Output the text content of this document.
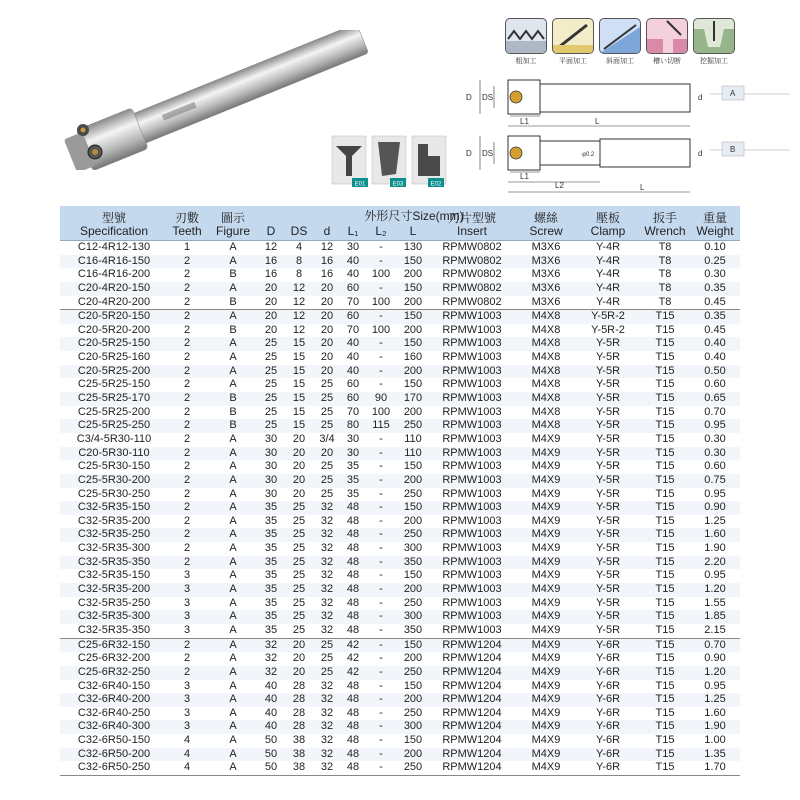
粗加工	平面加工	斜面加工	槽い切断	挖掘加工
E01	E03	E02
D DS
L1	L
d	A
D DS	φ0.2
L1
L2	L
d	B
外形尺寸Size(mm)
型號
Specification
刃數
Teeth
圖示
Figure	D	DS	d	L₁	L₂	L
刀片型號
Insert
螺絲
Screw
壓板
Clamp
扳手
Wrench
重量
Weight
C12-4R12-130	1	A	12	4	12	30	-	130	RPMW0802	M3X6	Y-4R	T8	0.10
C16-4R16-150	2	A	16	8	16	40	-	150	RPMW0802	M3X6	Y-4R	T8	0.25
C16-4R16-200	2	B	16	8	16	40	100	200	RPMW0802	M3X6	Y-4R	T8	0.30
C20-4R20-150	2	A	20	12	20	60	-	150	RPMW0802	M3X6	Y-4R	T8	0.35
C20-4R20-200	2	B	20	12	20	70	100	200	RPMW0802	M3X6	Y-4R	T8	0.45
C20-5R20-150	2	A	20	12	20	60	-	150	RPMW1003	M4X8	Y-5R-2	T15	0.35
C20-5R20-200	2	B	20	12	20	70	100	200	RPMW1003	M4X8	Y-5R-2	T15	0.45
C20-5R25-150	2	A	25	15	20	40	-	150	RPMW1003	M4X8	Y-5R	T15	0.40
C20-5R25-160	2	A	25	15	20	40	-	160	RPMW1003	M4X8	Y-5R	T15	0.40
C20-5R25-200	2	A	25	15	20	40	-	200	RPMW1003	M4X8	Y-5R	T15	0.50
C25-5R25-150	2	A	25	15	25	60	-	150	RPMW1003	M4X8	Y-5R	T15	0.60
C25-5R25-170	2	B	25	15	25	60	90	170	RPMW1003	M4X8	Y-5R	T15	0.65
C25-5R25-200	2	B	25	15	25	70	100	200	RPMW1003	M4X8	Y-5R	T15	0.70
C25-5R25-250	2	B	25	15	25	80	115	250	RPMW1003	M4X8	Y-5R	T15	0.95
C3/4-5R30-110	2	A	30	20	3/4	30	-	110	RPMW1003	M4X9	Y-5R	T15	0.30
C20-5R30-110	2	A	30	20	20	30	-	110	RPMW1003	M4X9	Y-5R	T15	0.30
C25-5R30-150	2	A	30	20	25	35	-	150	RPMW1003	M4X9	Y-5R	T15	0.60
C25-5R30-200	2	A	30	20	25	35	-	200	RPMW1003	M4X9	Y-5R	T15	0.75
C25-5R30-250	2	A	30	20	25	35	-	250	RPMW1003	M4X9	Y-5R	T15	0.95
C32-5R35-150	2	A	35	25	32	48	-	150	RPMW1003	M4X9	Y-5R	T15	0.90
C32-5R35-200	2	A	35	25	32	48	-	200	RPMW1003	M4X9	Y-5R	T15	1.25
C32-5R35-250	2	A	35	25	32	48	-	250	RPMW1003	M4X9	Y-5R	T15	1.60
C32-5R35-300	2	A	35	25	32	48	-	300	RPMW1003	M4X9	Y-5R	T15	1.90
C32-5R35-350	2	A	35	25	32	48	-	350	RPMW1003	M4X9	Y-5R	T15	2.20
C32-5R35-150	3	A	35	25	32	48	-	150	RPMW1003	M4X9	Y-5R	T15	0.95
C32-5R35-200	3	A	35	25	32	48	-	200	RPMW1003	M4X9	Y-5R	T15	1.20
C32-5R35-250	3	A	35	25	32	48	-	250	RPMW1003	M4X9	Y-5R	T15	1.55
C32-5R35-300	3	A	35	25	32	48	-	300	RPMW1003	M4X9	Y-5R	T15	1.85
C32-5R35-350	3	A	35	25	32	48	-	350	RPMW1003	M4X9	Y-5R	T15	2.15
C25-6R32-150	2	A	32	20	25	42	-	150	RPMW1204	M4X9	Y-6R	T15	0.70
C25-6R32-200	2	A	32	20	25	42	-	200	RPMW1204	M4X9	Y-6R	T15	0.90
C25-6R32-250	2	A	32	20	25	42	-	250	RPMW1204	M4X9	Y-6R	T15	1.20
C32-6R40-150	3	A	40	28	32	48	-	150	RPMW1204	M4X9	Y-6R	T15	0.95
C32-6R40-200	3	A	40	28	32	48	-	200	RPMW1204	M4X9	Y-6R	T15	1.25
C32-6R40-250	3	A	40	28	32	48	-	250	RPMW1204	M4X9	Y-6R	T15	1.60
C32-6R40-300	3	A	40	28	32	48	-	300	RPMW1204	M4X9	Y-6R	T15	1.90
C32-6R50-150	4	A	50	38	32	48	-	150	RPMW1204	M4X9	Y-6R	T15	1.00
C32-6R50-200	4	A	50	38	32	48	-	200	RPMW1204	M4X9	Y-6R	T15	1.35
C32-6R50-250	4	A	50	38	32	48	-	250	RPMW1204	M4X9	Y-6R	T15	1.70
